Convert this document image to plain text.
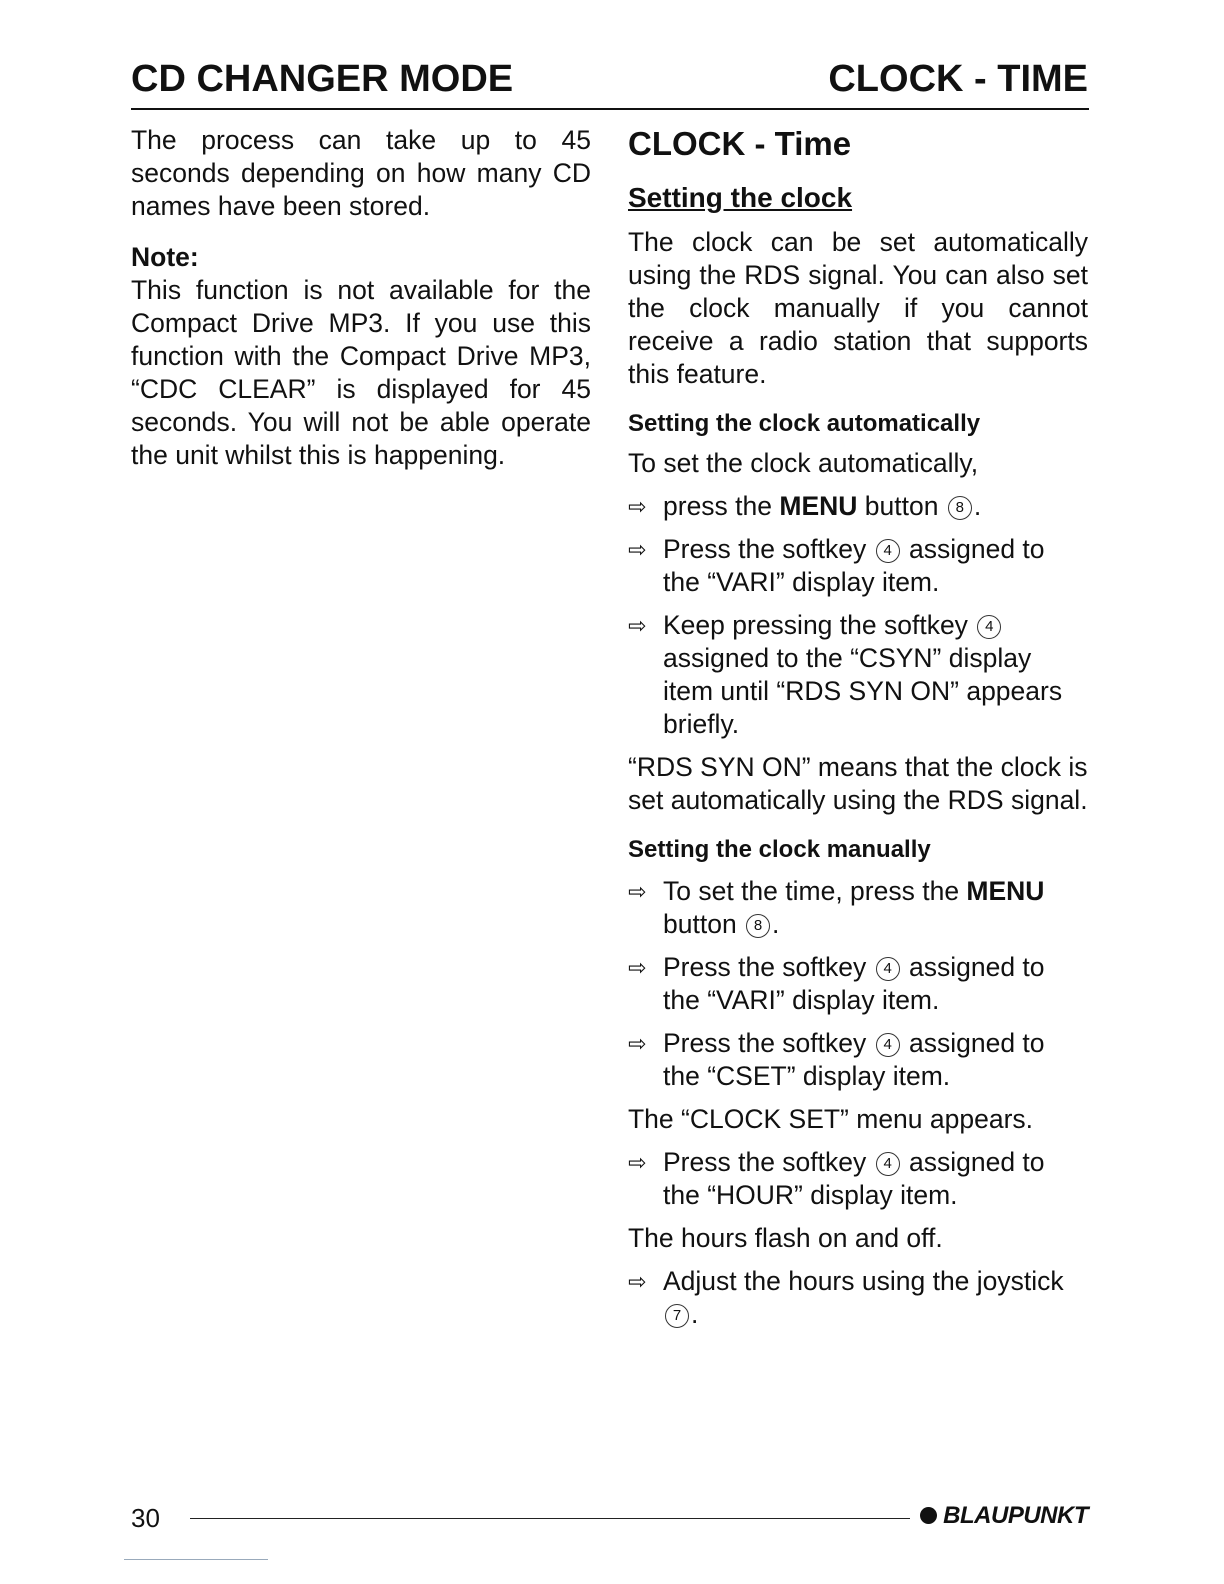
CD CHANGER MODE	CLOCK - TIME

The process can take up to 45 seconds depending on how many CD names have been stored.

Note:

This function is not available for the Compact Drive MP3. If you use this function with the Compact Drive MP3, “CDC CLEAR” is displayed for 45 seconds. You will not be able operate the unit whilst this is happening.

CLOCK - Time

Setting the clock

The clock can be set automatically using the RDS signal. You can also set the clock manually if you cannot receive a radio station that supports this feature.

Setting the clock automatically

To set the clock automatically,

⇨ press the MENU button 8 .
⇨ Press the softkey 4 assigned to the “VARI” display item.
⇨ Keep pressing the softkey 4 assigned to the “CSYN” display item until “RDS SYN ON” appears briefly.

“RDS SYN ON” means that the clock is set automatically using the RDS signal.

Setting the clock manually

⇨ To set the time, press the MENU button 8 .
⇨ Press the softkey 4 assigned to the “VARI” display item.
⇨ Press the softkey 4 assigned to the “CSET” display item.

The “CLOCK SET” menu appears.

⇨ Press the softkey 4 assigned to the “HOUR” display item.

The hours flash on and off.

⇨ Adjust the hours using the joystick 7 .
30	BLAUPUNKT
